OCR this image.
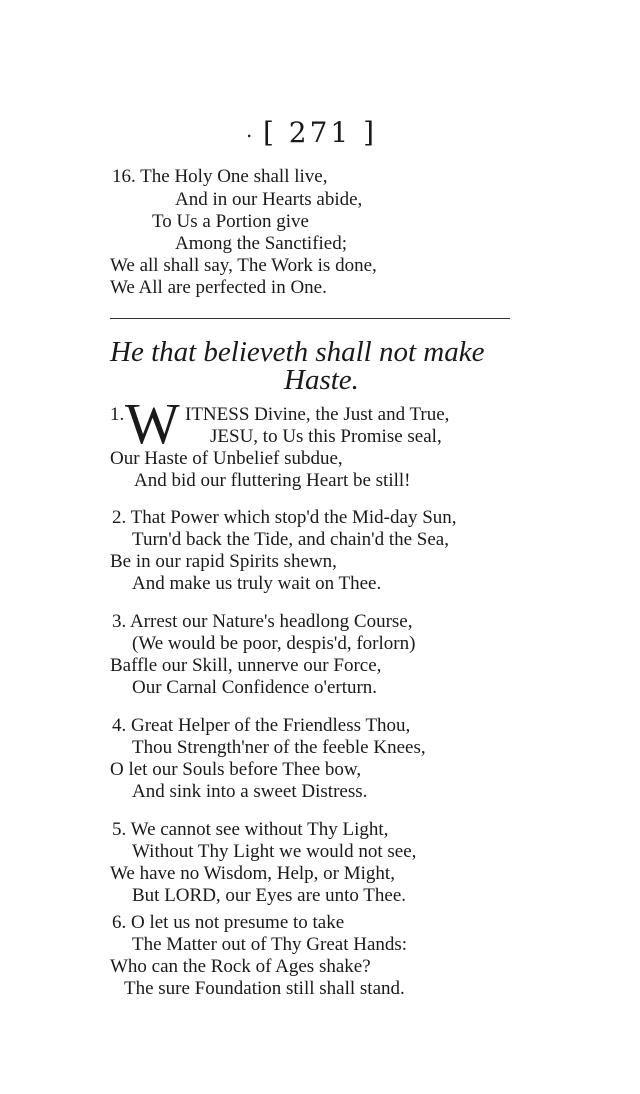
. [ 271 ]
16. The Holy One shall live,
And in our Hearts abide,
To Us a Portion give
Among the Sanctified;
We all shall say, The Work is done,
We All are perfected in One.
He that believeth shall not make
Haste.
1. W ITNESS Divine, the Just and True,
JESU, to Us this Promise seal,
Our Haste of Unbelief subdue,
And bid our fluttering Heart be still!
2. That Power which stop'd the Mid-day Sun,
Turn'd back the Tide, and chain'd the Sea,
Be in our rapid Spirits shewn,
And make us truly wait on Thee.
3. Arrest our Nature's headlong Course,
(We would be poor, despis'd, forlorn)
Baffle our Skill, unnerve our Force,
Our Carnal Confidence o'erturn.
4. Great Helper of the Friendless Thou,
Thou Strength'ner of the feeble Knees,
O let our Souls before Thee bow,
And sink into a sweet Distress.
5. We cannot see without Thy Light,
Without Thy Light we would not see,
We have no Wisdom, Help, or Might,
But LORD, our Eyes are unto Thee.
6. O let us not presume to take
The Matter out of Thy Great Hands:
Who can the Rock of Ages shake?
The sure Foundation still shall stand.
